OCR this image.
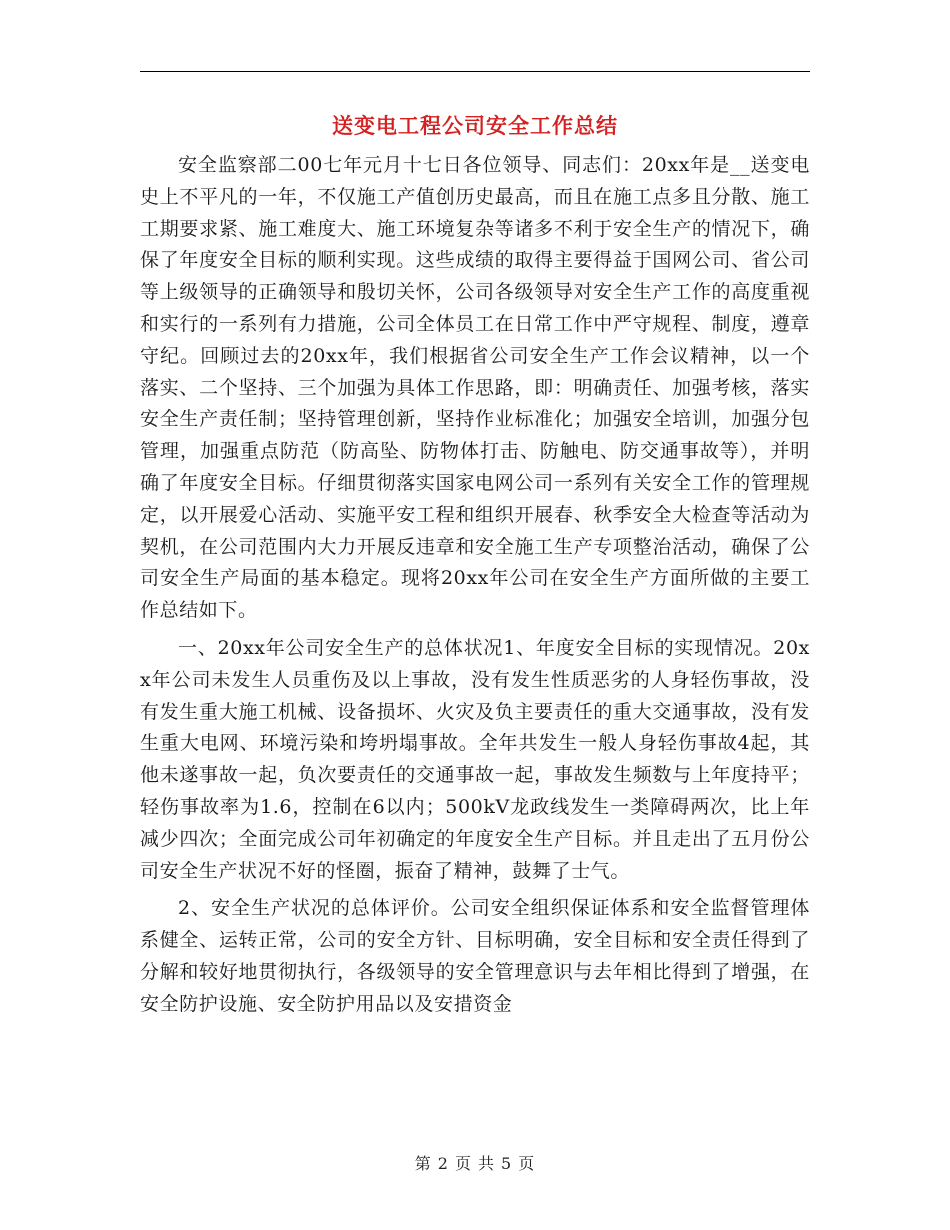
送变电工程公司安全工作总结

安全监察部二00七年元月十七日各位领导、同志们：20xx年是__送变电史上不平凡的一年，不仅施工产值创历史最高，而且在施工点多且分散、施工工期要求紧、施工难度大、施工环境复杂等诸多不利于安全生产的情况下，确保了年度安全目标的顺利实现。这些成绩的取得主要得益于国网公司、省公司等上级领导的正确领导和殷切关怀，公司各级领导对安全生产工作的高度重视和实行的一系列有力措施，公司全体员工在日常工作中严守规程、制度，遵章守纪。回顾过去的20xx年，我们根据省公司安全生产工作会议精神，以一个落实、二个坚持、三个加强为具体工作思路，即：明确责任、加强考核，落实安全生产责任制；坚持管理创新，坚持作业标准化；加强安全培训，加强分包管理，加强重点防范（防高坠、防物体打击、防触电、防交通事故等），并明确了年度安全目标。仔细贯彻落实国家电网公司一系列有关安全工作的管理规定，以开展爱心活动、实施平安工程和组织开展春、秋季安全大检查等活动为契机，在公司范围内大力开展反违章和安全施工生产专项整治活动，确保了公司安全生产局面的基本稳定。现将20xx年公司在安全生产方面所做的主要工作总结如下。

一、20xx年公司安全生产的总体状况1、年度安全目标的实现情况。20xx年公司未发生人员重伤及以上事故，没有发生性质恶劣的人身轻伤事故，没有发生重大施工机械、设备损坏、火灾及负主要责任的重大交通事故，没有发生重大电网、环境污染和垮坍塌事故。全年共发生一般人身轻伤事故4起，其他未遂事故一起，负次要责任的交通事故一起，事故发生频数与上年度持平；轻伤事故率为1.6，控制在6以内；500kV龙政线发生一类障碍两次，比上年减少四次；全面完成公司年初确定的年度安全生产目标。并且走出了五月份公司安全生产状况不好的怪圈，振奋了精神，鼓舞了士气。

2、安全生产状况的总体评价。公司安全组织保证体系和安全监督管理体系健全、运转正常，公司的安全方针、目标明确，安全目标和安全责任得到了分解和较好地贯彻执行，各级领导的安全管理意识与去年相比得到了增强，在安全防护设施、安全防护用品以及安措资金

第 2 页 共 5 页
